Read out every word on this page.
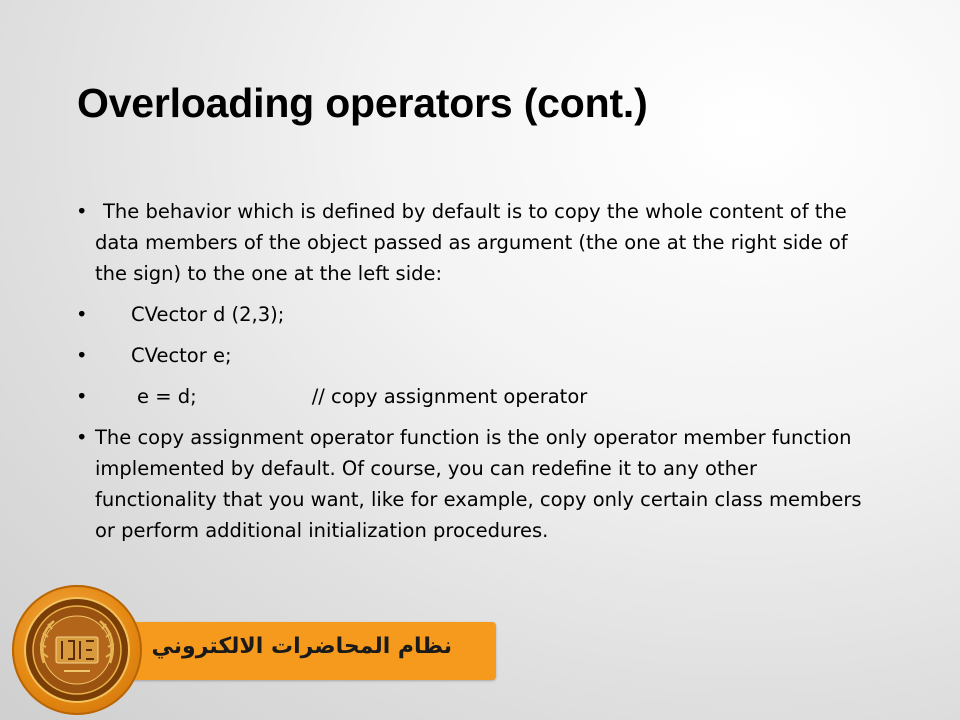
Overloading operators (cont.)
• The behavior which is defined by default is to copy the whole content of the data members of the object passed as argument (the one at the right side of the sign) to the one at the left side:
• CVector d (2,3);
• CVector e;
• e = d;	// copy assignment operator
• The copy assignment operator function is the only operator member function implemented by default. Of course, you can redefine it to any other functionality that you want, like for example, copy only certain class members or perform additional initialization procedures.
نظام المحاضرات الالكتروني
